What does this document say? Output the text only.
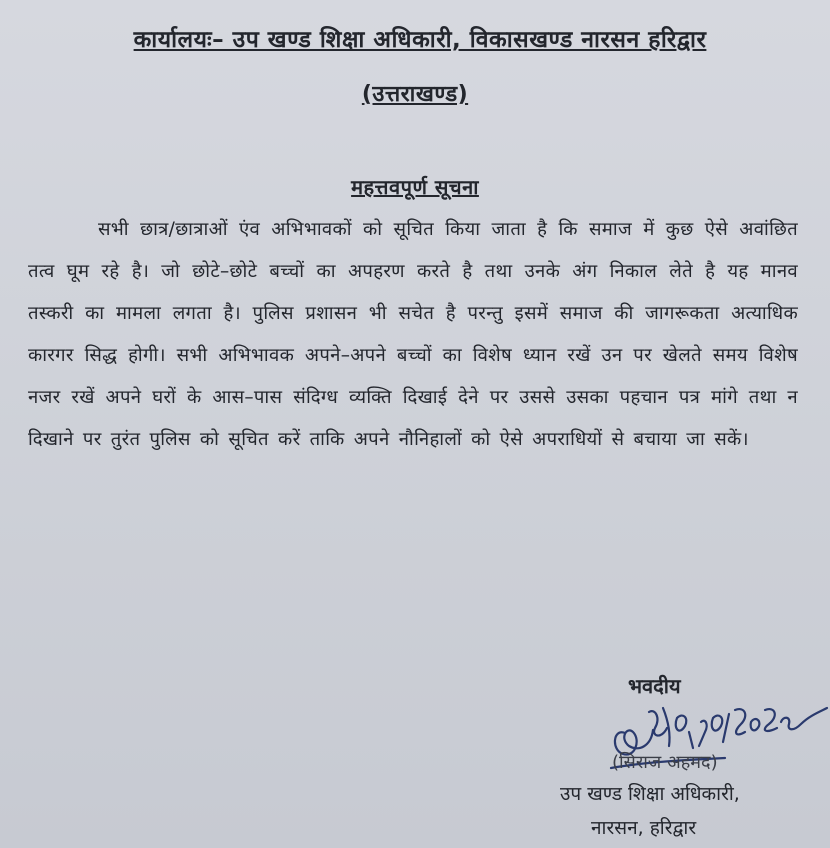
कार्यालयः– उप खण्ड शिक्षा अधिकारी, विकासखण्ड नारसन हरिद्वार
(उत्तराखण्ड)
महत्तवपूर्ण सूचना
सभी छात्र/छात्राओं एंव अभिभावकों को सूचित किया जाता है कि समाज में कुछ ऐसे अवांछित तत्व घूम रहे है। जो छोटे–छोटे बच्चों का अपहरण करते है तथा उनके अंग निकाल लेते है यह मानव तस्करी का मामला लगता है। पुलिस प्रशासन भी सचेत है परन्तु इसमें समाज की जागरूकता अत्याधिक कारगर सिद्ध होगी। सभी अभिभावक अपने–अपने बच्चों का विशेष ध्यान रखें उन पर खेलते समय विशेष नजर रखें अपने घरों के आस–पास संदिग्ध व्यक्ति दिखाई देने पर उससे उसका पहचान पत्र मांगे तथा न दिखाने पर तुरंत पुलिस को सूचित करें ताकि अपने नौनिहालों को ऐसे अपराधियों से बचाया जा सकें।
भवदीय
(सिराज अहमद)
उप खण्ड शिक्षा अधिकारी,
नारसन, हरिद्वार
